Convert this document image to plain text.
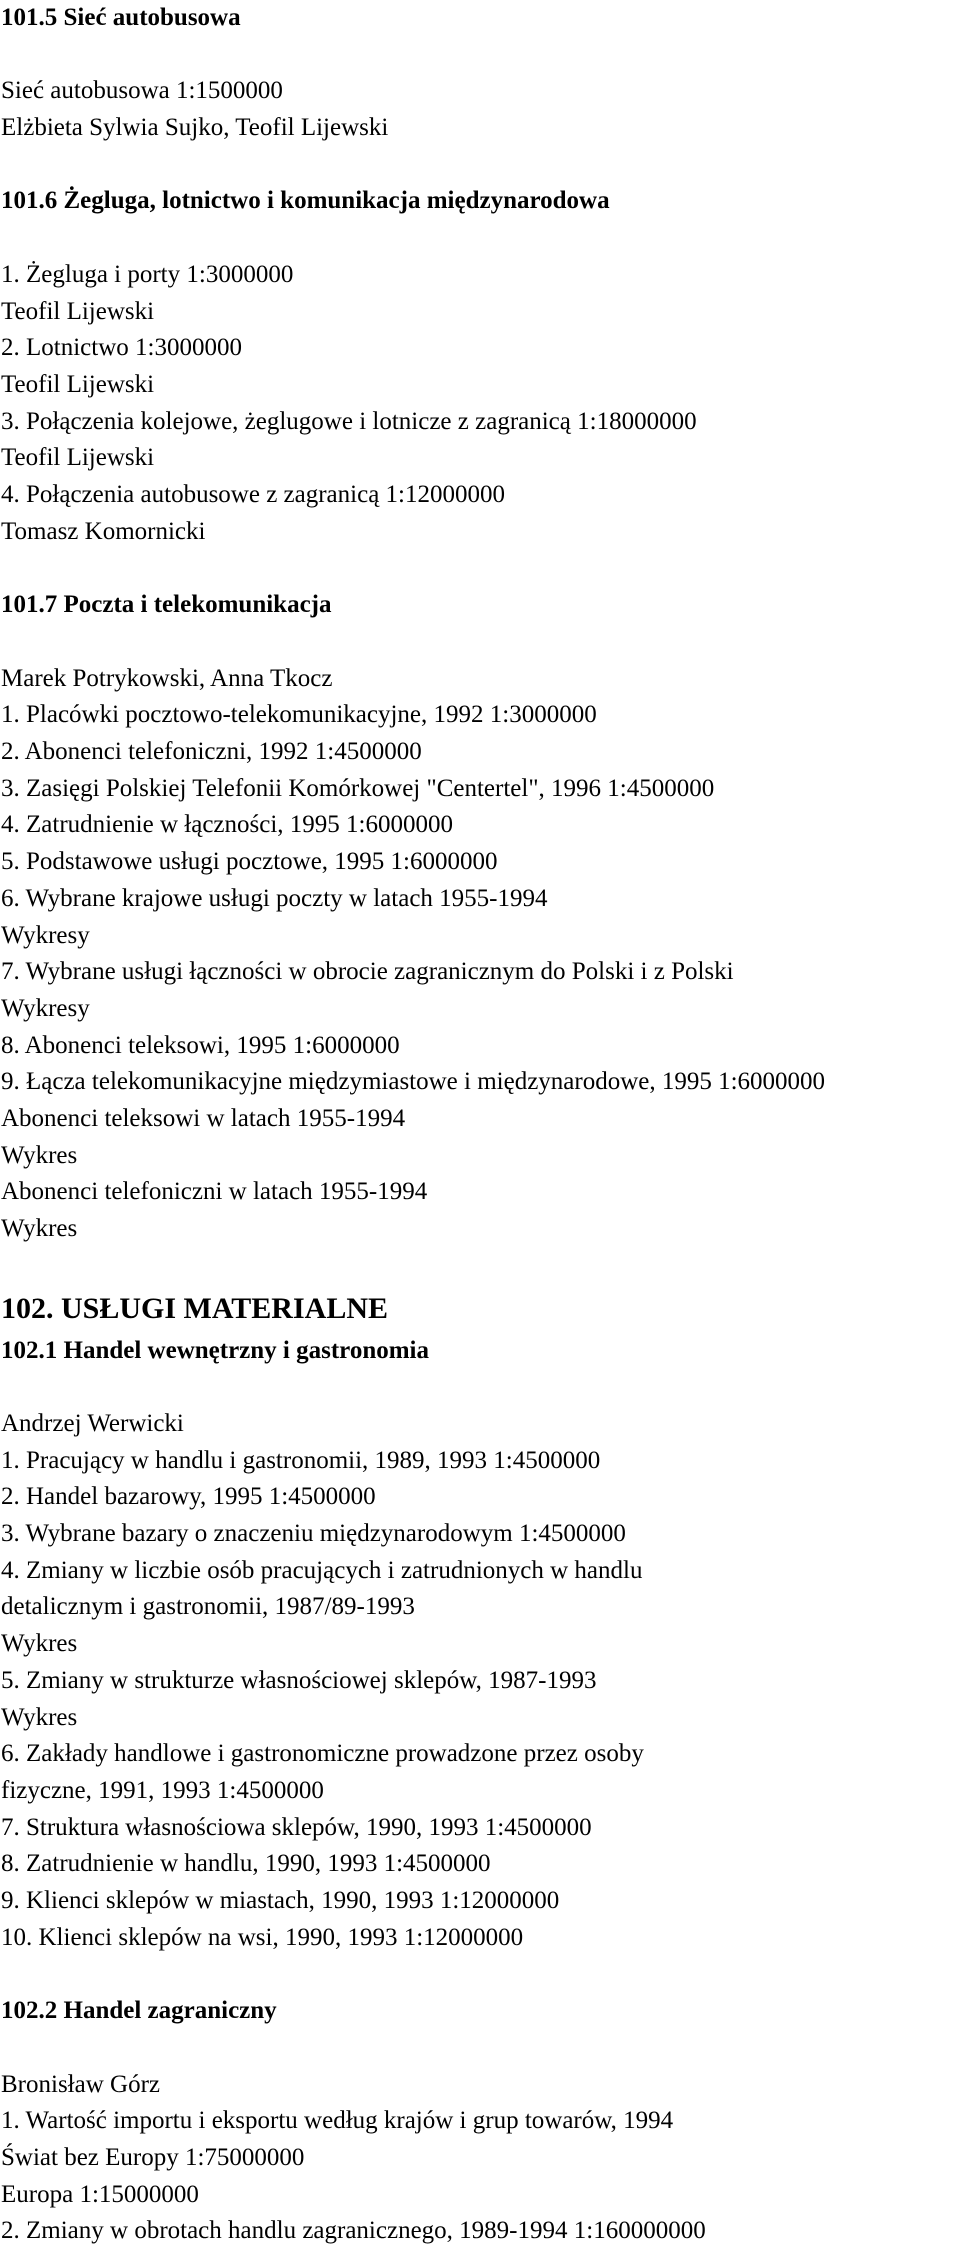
101.5 Sieć autobusowa
Sieć autobusowa 1:1500000
Elżbieta Sylwia Sujko, Teofil Lijewski
101.6 Żegluga, lotnictwo i komunikacja międzynarodowa
1. Żegluga i porty 1:3000000
Teofil Lijewski
2. Lotnictwo 1:3000000
Teofil Lijewski
3. Połączenia kolejowe, żeglugowe i lotnicze z zagranicą 1:18000000
Teofil Lijewski
4. Połączenia autobusowe z zagranicą 1:12000000
Tomasz Komornicki
101.7 Poczta i telekomunikacja
Marek Potrykowski, Anna Tkocz
1. Placówki pocztowo-telekomunikacyjne, 1992 1:3000000
2. Abonenci telefoniczni, 1992 1:4500000
3. Zasięgi Polskiej Telefonii Komórkowej "Centertel", 1996 1:4500000
4. Zatrudnienie w łączności, 1995 1:6000000
5. Podstawowe usługi pocztowe, 1995 1:6000000
6. Wybrane krajowe usługi poczty w latach 1955-1994
Wykresy
7. Wybrane usługi łączności w obrocie zagranicznym do Polski i z Polski
Wykresy
8. Abonenci teleksowi, 1995 1:6000000
9. Łącza telekomunikacyjne międzymiastowe i międzynarodowe, 1995 1:6000000
Abonenci teleksowi w latach 1955-1994
Wykres
Abonenci telefoniczni w latach 1955-1994
Wykres
102. USŁUGI MATERIALNE
102.1 Handel wewnętrzny i gastronomia
Andrzej Werwicki
1. Pracujący w handlu i gastronomii, 1989, 1993 1:4500000
2. Handel bazarowy, 1995 1:4500000
3. Wybrane bazary o znaczeniu międzynarodowym 1:4500000
4. Zmiany w liczbie osób pracujących i zatrudnionych w handlu
detalicznym i gastronomii, 1987/89-1993
Wykres
5. Zmiany w strukturze własnościowej sklepów, 1987-1993
Wykres
6. Zakłady handlowe i gastronomiczne prowadzone przez osoby
fizyczne, 1991, 1993 1:4500000
7. Struktura własnościowa sklepów, 1990, 1993 1:4500000
8. Zatrudnienie w handlu, 1990, 1993 1:4500000
9. Klienci sklepów w miastach, 1990, 1993 1:12000000
10. Klienci sklepów na wsi, 1990, 1993 1:12000000
102.2 Handel zagraniczny
Bronisław Górz
1. Wartość importu i eksportu według krajów i grup towarów, 1994
Świat bez Europy 1:75000000
Europa 1:15000000
2. Zmiany w obrotach handlu zagranicznego, 1989-1994 1:160000000
